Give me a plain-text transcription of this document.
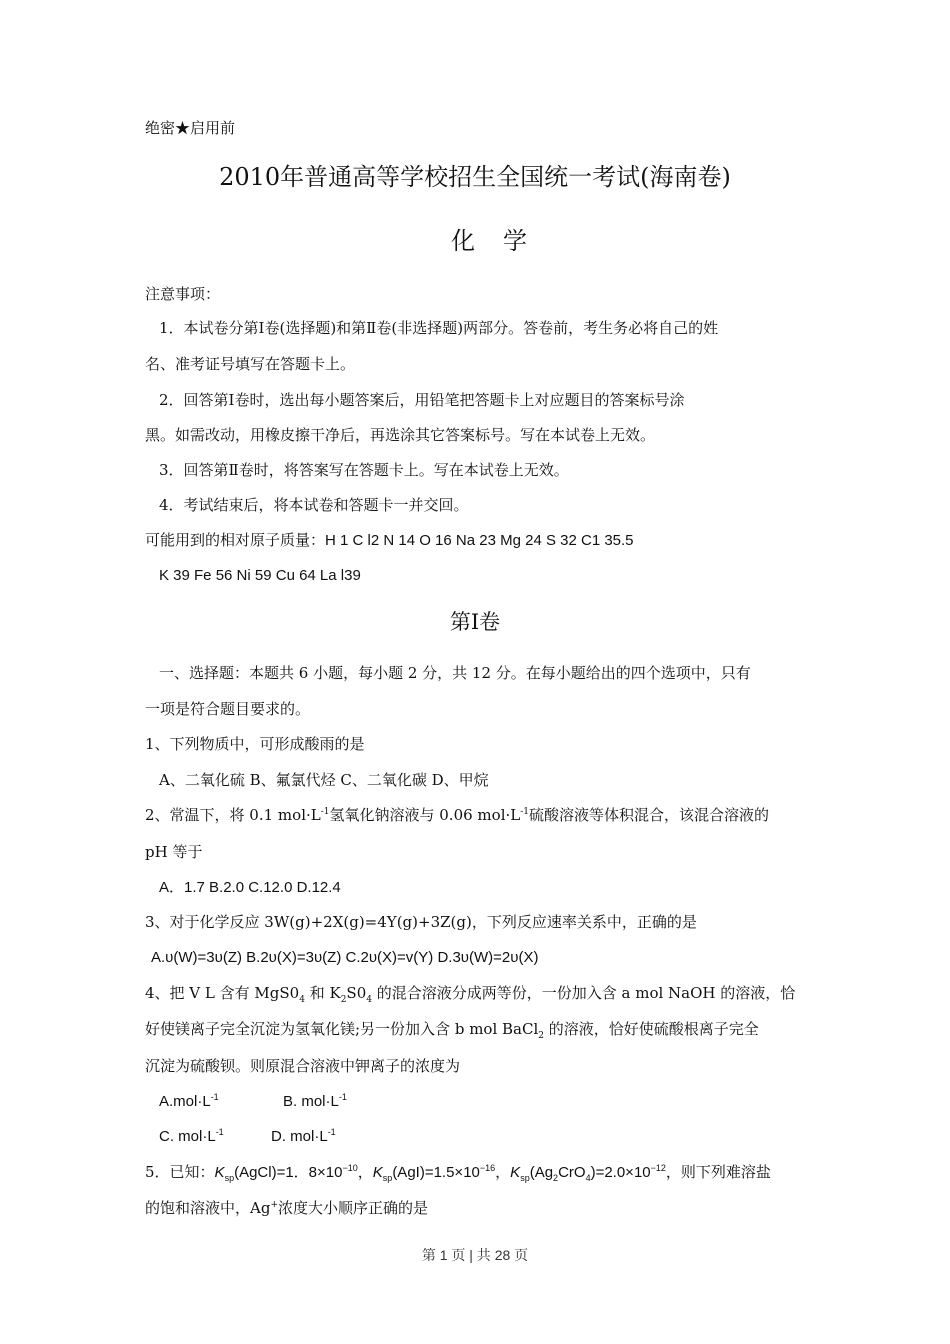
绝密★启用前
2010年普通高等学校招生全国统一考试(海南卷)
化学
注意事项：
1．本试卷分第Ⅰ卷(选择题)和第Ⅱ卷(非选择题)两部分。答卷前，考生务必将自己的姓
名、准考证号填写在答题卡上。
2．回答第Ⅰ卷时，选出每小题答案后，用铅笔把答题卡上对应题目的答案标号涂
黑。如需改动，用橡皮擦干净后，再选涂其它答案标号。写在本试卷上无效。
3．回答第Ⅱ卷时，将答案写在答题卡上。写在本试卷上无效。
4．考试结束后，将本试卷和答题卡一并交回。
可能用到的相对原子质量：H 1 C l2 N 14 O 16 Na 23 Mg 24 S 32 C1 35.5
K 39 Fe 56 Ni 59 Cu 64 La l39
第Ⅰ卷
一、选择题：本题共 6 小题，每小题 2 分，共 12 分。在每小题给出的四个选项中，只有
一项是符合题目要求的。
1、下列物质中，可形成酸雨的是
A、二氧化硫 B、氟氯代烃 C、二氧化碳 D、甲烷
2、常温下，将 0.1 $mol\cdot L^{-1}$氢氧化钠溶液与 0.06 $mol\cdot L^{-1}$硫酸溶液等体积混合，该混合溶液的
pH 等于
A．1.7 B.2.0 C.12.0 D.12.4
3、对于化学反应 3W(g)+2X(g)=4Y(g)+3Z(g)，下列反应速率关系中，正确的是
A.υ(W)=3υ(Z) B.2υ(X)=3υ(Z) C.2υ(X)=v(Y) D.3υ(W)=2υ(X)
4、把 V L 含有 $MgS0_4$ 和 $K_2S0_4$ 的混合溶液分成两等份，一份加入含 a mol NaOH 的溶液，恰
好使镁离子完全沉淀为氢氧化镁;另一份加入含 b mol BaCl$_2$ 的溶液，恰好使硫酸根离子完全
沉淀为硫酸钡。则原混合溶液中钾离子的浓度为
$A.mol\cdot L^{-1}$	B. $mol\cdot L^{-1}$
C. $mol\cdot L^{-1}$	D. $mol\cdot L^{-1}$
5．已知：$K_{sp}(AgCl)=1$．$8\times 10^{-10}$，$K_{sp}(AgI)=1.5\times 10^{-16}$，$K_{sp}(Ag_2CrO_4)=2.0\times 10^{-12}$，则下列难溶盐
的饱和溶液中，Ag+浓度大小顺序正确的是
第 1 页 | 共 28 页
